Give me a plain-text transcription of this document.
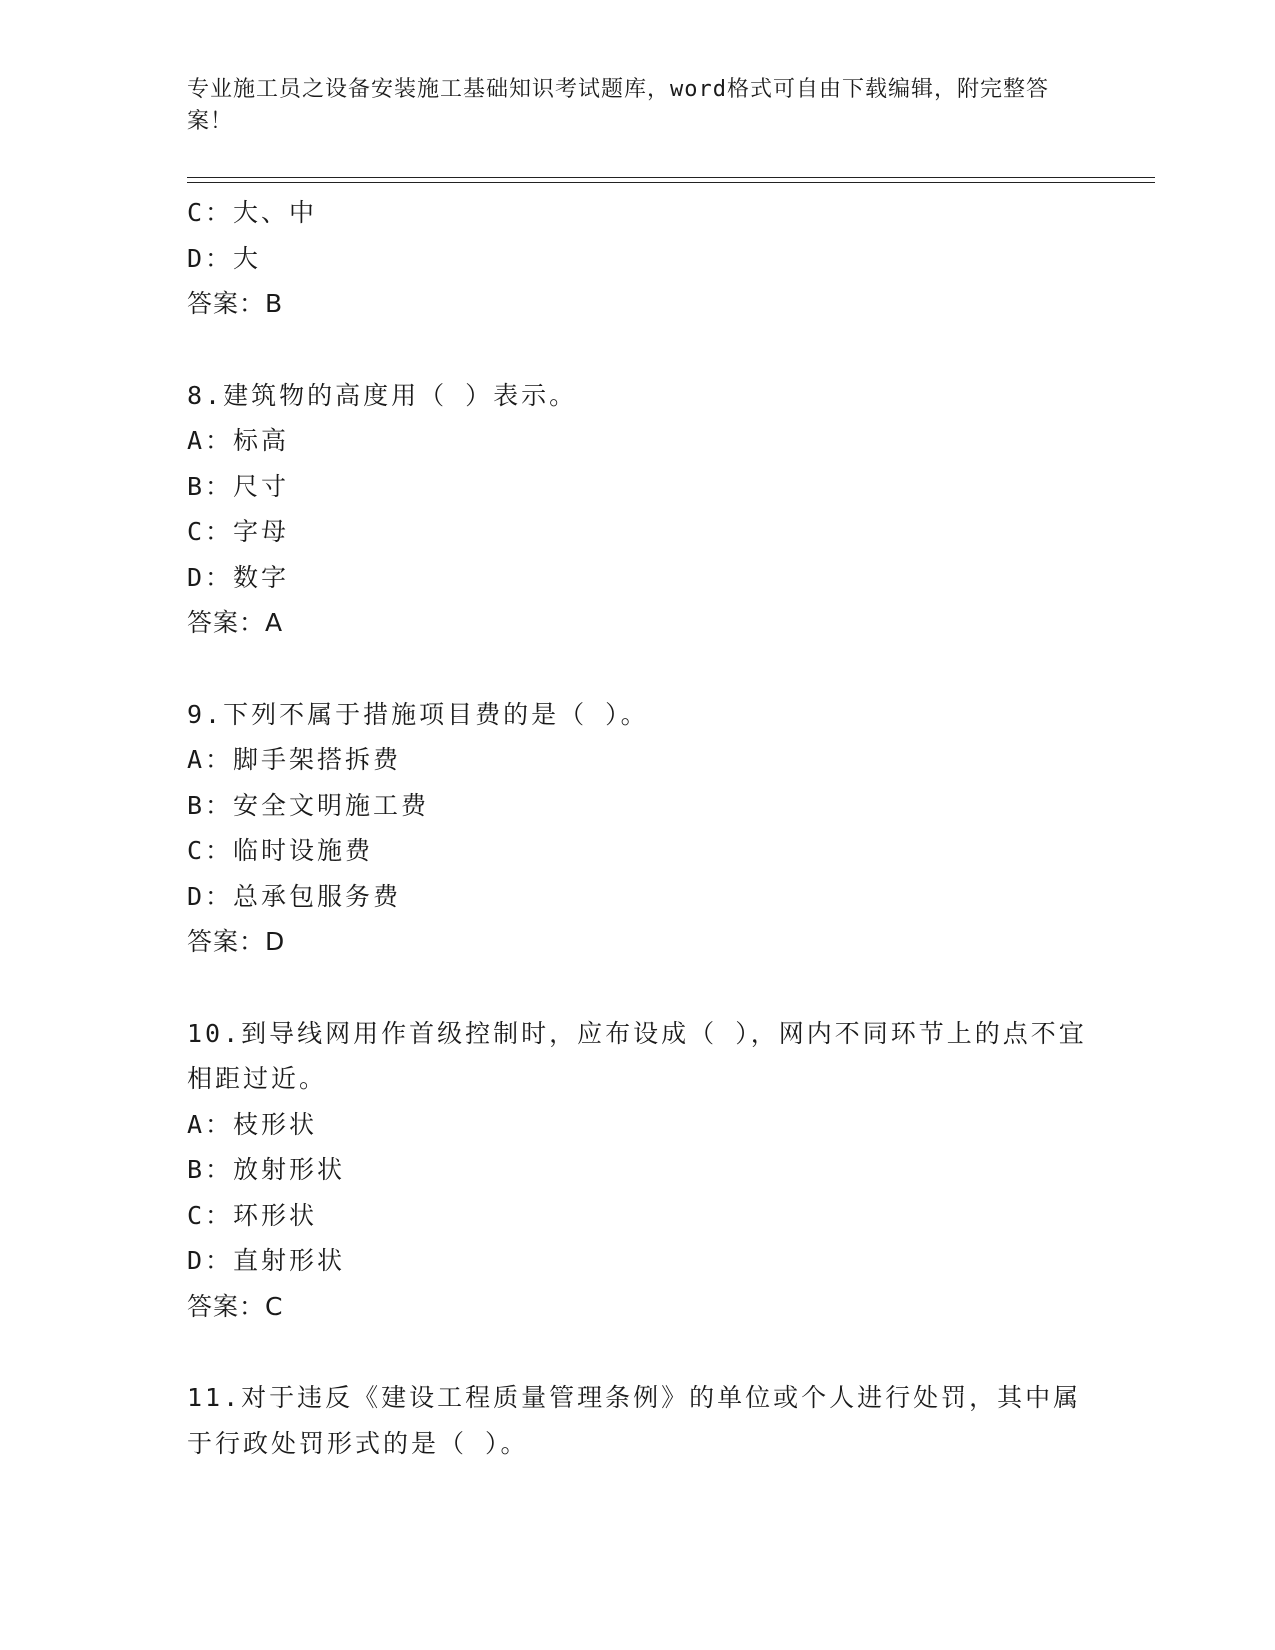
专业施工员之设备安装施工基础知识考试题库，word格式可自由下载编辑，附完整答案！
C：大、中
D：大
答案：B
8.建筑物的高度用（ ）表示。
A：标高
B：尺寸
C：字母
D：数字
答案：A
9.下列不属于措施项目费的是（ ）。
A：脚手架搭拆费
B：安全文明施工费
C：临时设施费
D：总承包服务费
答案：D
10.到导线网用作首级控制时，应布设成（ ），网内不同环节上的点不宜相距过近。
A：枝形状
B：放射形状
C：环形状
D：直射形状
答案：C
11.对于违反《建设工程质量管理条例》的单位或个人进行处罚，其中属于行政处罚形式的是（ ）。
